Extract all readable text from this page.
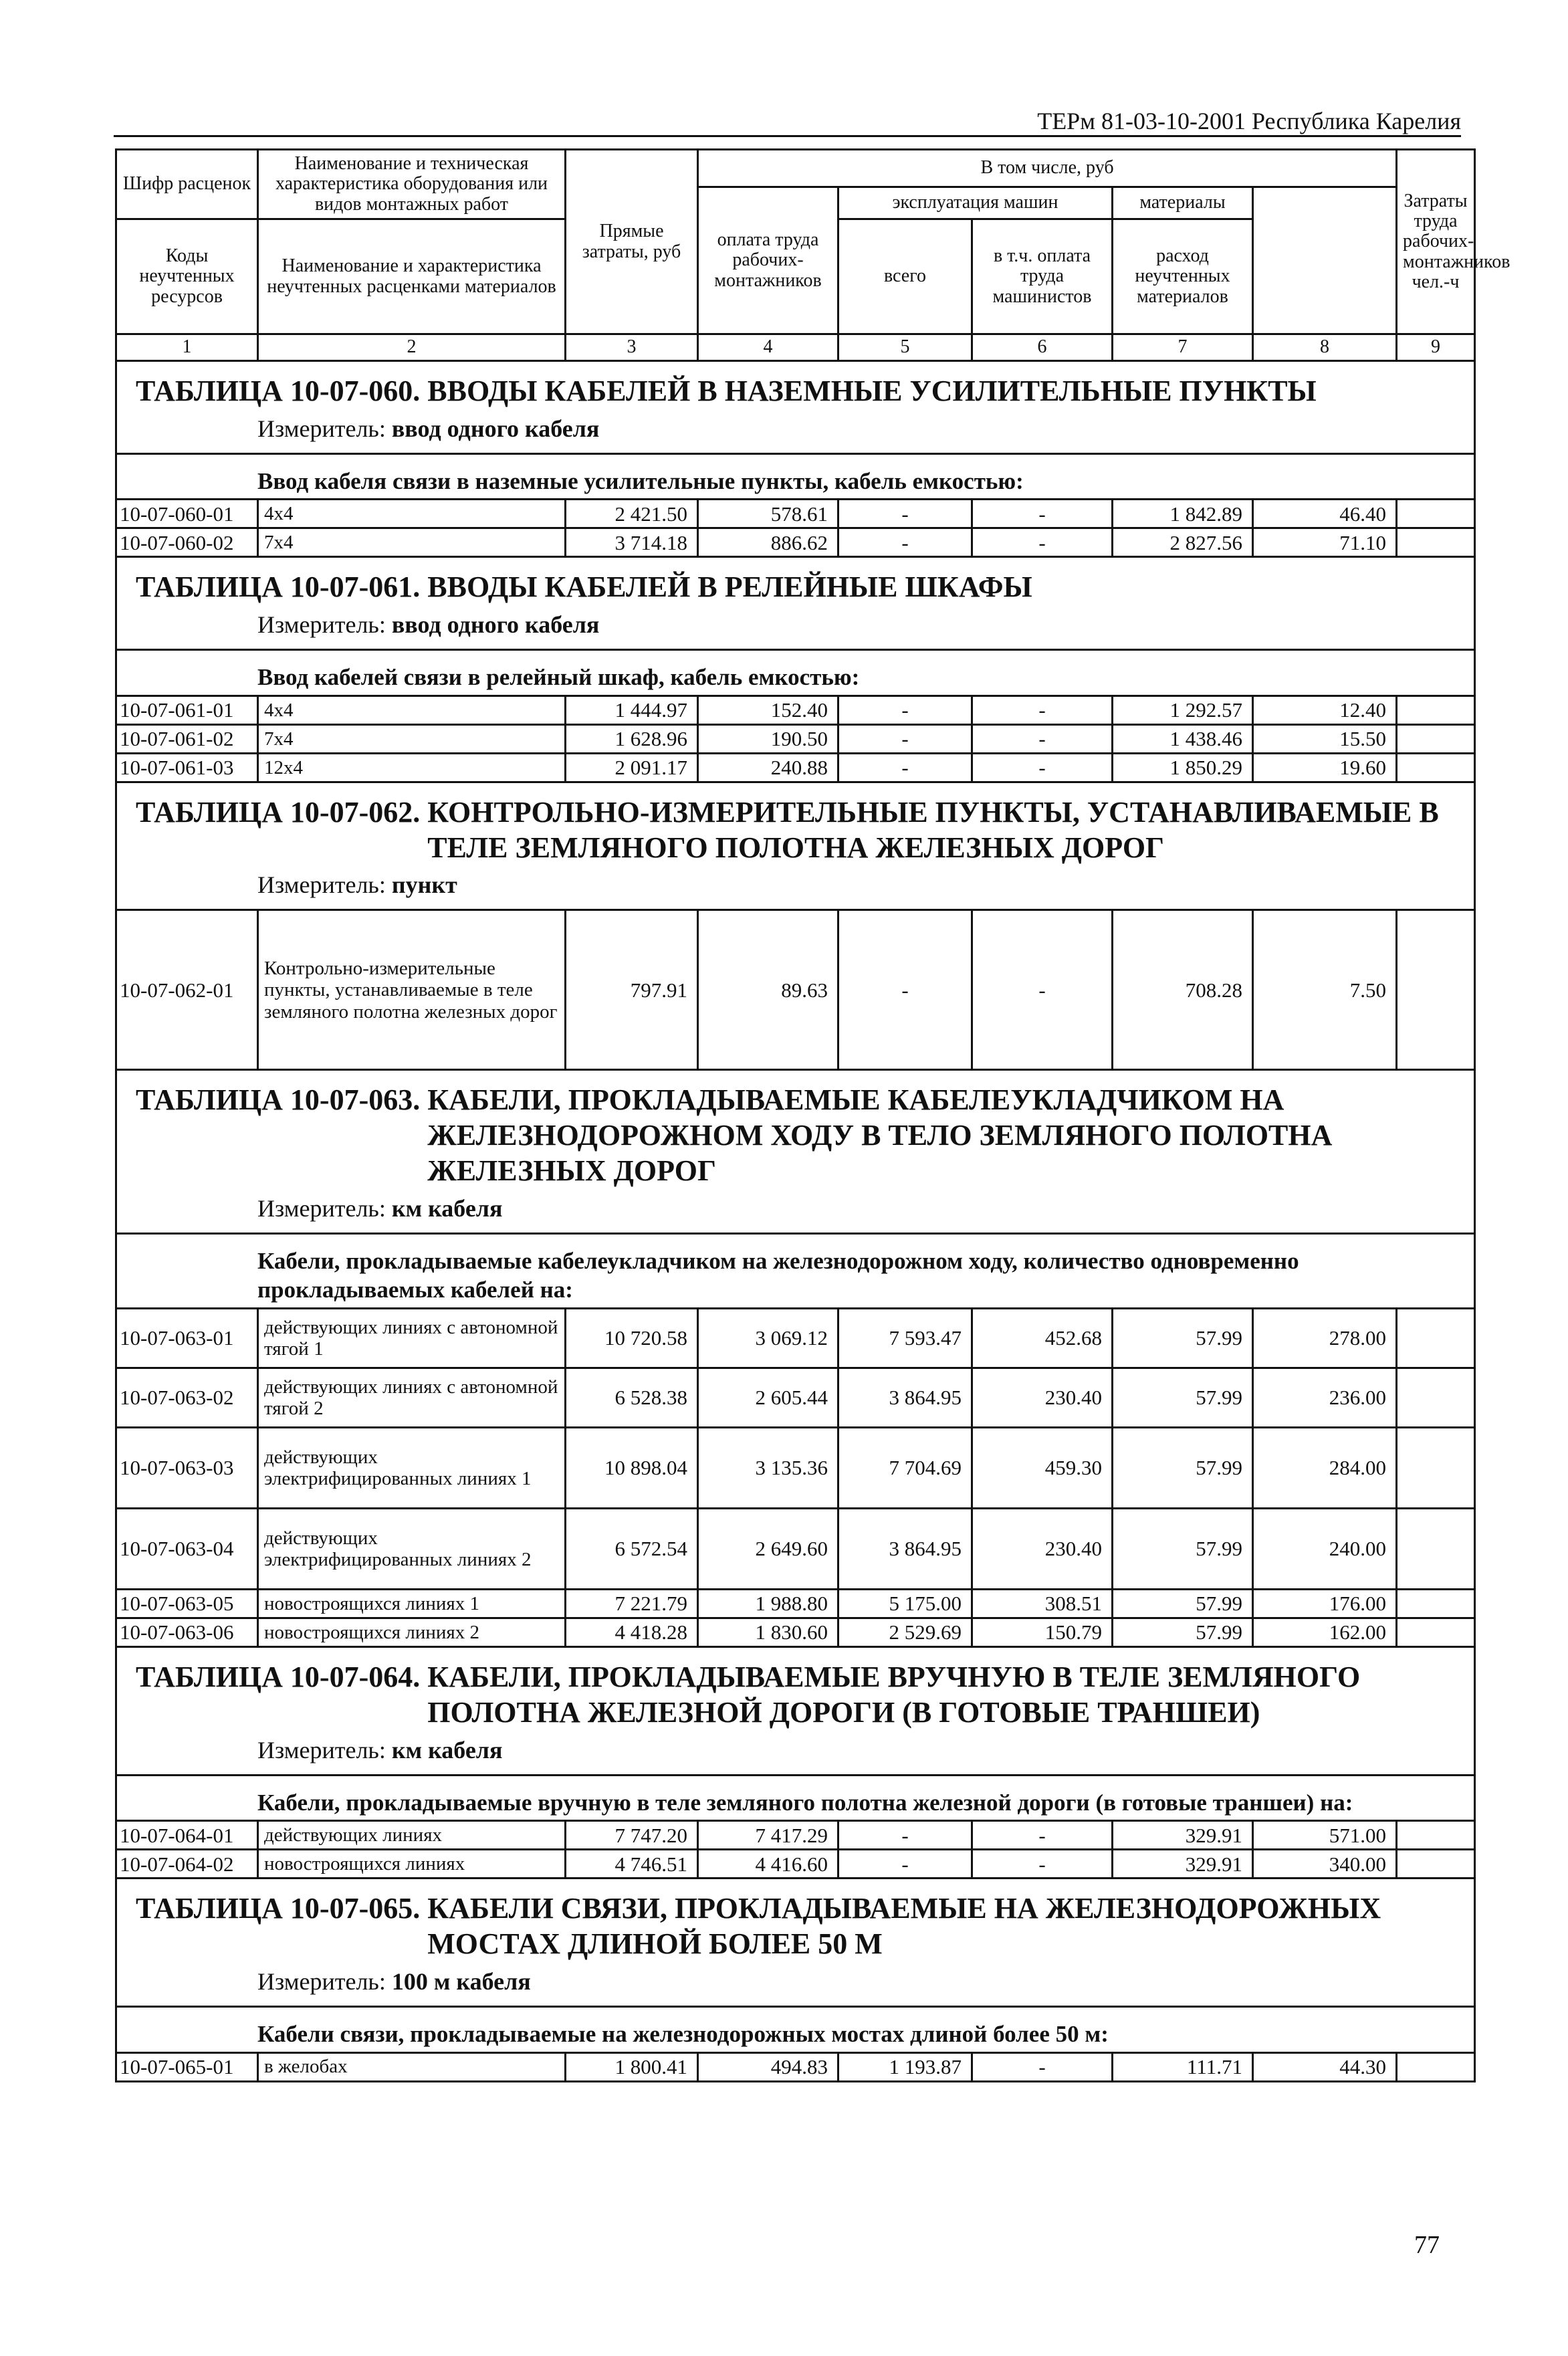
ТЕРм 81-03-10-2001 Республика Карелия
Шифр расценок	Наименование и техническая характеристика оборудования или видов монтажных работ	Прямые затраты, руб	В том числе, руб					Затраты труда рабочих-монтажников чел.-ч	
			оплата труда рабочих-монтажников	эксплуатация машин		материалы			
Коды неучтенных ресурсов	Наименование и характеристика неучтенных расценками материалов			всего	в т.ч. оплата труда машинистов	расход неучтенных материалов			

1	2	3	4	5	6	7	8	9	

ТАБЛИЦА 10-07-060.
ВВОДЫ КАБЕЛЕЙ В НАЗЕМНЫЕ УСИЛИТЕЛЬНЫЕ ПУНКТЫ									

Измеритель: ввод одного кабеля									
Ввод кабеля связи в наземные усилительные пункты, кабель емкостью:									
10-07-060-01	4х4	2 421.50	578.61	-	-	1 842.89	46.40		
10-07-060-02	7х4	3 714.18	886.62	-	-	2 827.56	71.10		

ТАБЛИЦА 10-07-061.
ВВОДЫ КАБЕЛЕЙ В РЕЛЕЙНЫЕ ШКАФЫ									

Измеритель: ввод одного кабеля									
Ввод кабелей связи в релейный шкаф, кабель емкостью:									
10-07-061-01	4х4	1 444.97	152.40	-	-	1 292.57	12.40		
10-07-061-02	7х4	1 628.96	190.50	-	-	1 438.46	15.50		
10-07-061-03	12х4	2 091.17	240.88	-	-	1 850.29	19.60		

ТАБЛИЦА 10-07-062.
КОНТРОЛЬНО-ИЗМЕРИТЕЛЬНЫЕ ПУНКТЫ, УСТАНАВЛИВАЕМЫЕ В ТЕЛЕ ЗЕМЛЯНОГО ПОЛОТНА ЖЕЛЕЗНЫХ ДОРОГ									

Измеритель: пункт									
10-07-062-01	Контрольно-измерительные пункты, устанавливаемые в теле земляного полотна железных дорог	797.91	89.63	-	-	708.28	7.50		

ТАБЛИЦА 10-07-063.
КАБЕЛИ, ПРОКЛАДЫВАЕМЫЕ КАБЕЛЕУКЛАДЧИКОМ НА ЖЕЛЕЗНОДОРОЖНОМ ХОДУ В ТЕЛО ЗЕМЛЯНОГО ПОЛОТНА ЖЕЛЕЗНЫХ ДОРОГ									

Измеритель: км кабеля									
Кабели, прокладываемые кабелеукладчиком на железнодорожном ходу, количество одновременно прокладываемых кабелей на:									
10-07-063-01	действующих линиях с автономной тягой 1	10 720.58	3 069.12	7 593.47	452.68	57.99	278.00		
10-07-063-02	действующих линиях с автономной тягой 2	6 528.38	2 605.44	3 864.95	230.40	57.99	236.00		
10-07-063-03	действующих электрифицированных линиях 1	10 898.04	3 135.36	7 704.69	459.30	57.99	284.00		
10-07-063-04	действующих электрифицированных линиях 2	6 572.54	2 649.60	3 864.95	230.40	57.99	240.00		
10-07-063-05	новостроящихся линиях 1	7 221.79	1 988.80	5 175.00	308.51	57.99	176.00		
10-07-063-06	новостроящихся линиях 2	4 418.28	1 830.60	2 529.69	150.79	57.99	162.00		

ТАБЛИЦА 10-07-064.
КАБЕЛИ, ПРОКЛАДЫВАЕМЫЕ ВРУЧНУЮ В ТЕЛЕ ЗЕМЛЯНОГО ПОЛОТНА ЖЕЛЕЗНОЙ ДОРОГИ (В ГОТОВЫЕ ТРАНШЕИ)									

Измеритель: км кабеля									
Кабели, прокладываемые вручную в теле земляного полотна железной дороги (в готовые траншеи) на:									
10-07-064-01	действующих линиях	7 747.20	7 417.29	-	-	329.91	571.00		
10-07-064-02	новостроящихся линиях	4 746.51	4 416.60	-	-	329.91	340.00		

ТАБЛИЦА 10-07-065.
КАБЕЛИ СВЯЗИ, ПРОКЛАДЫВАЕМЫЕ НА ЖЕЛЕЗНОДОРОЖНЫХ МОСТАХ ДЛИНОЙ БОЛЕЕ 50 М									

Измеритель: 100 м кабеля									
Кабели связи, прокладываемые на железнодорожных мостах длиной более 50 м:									
10-07-065-01	в желобах	1 800.41	494.83	1 193.87	-	111.71	44.30		
77
